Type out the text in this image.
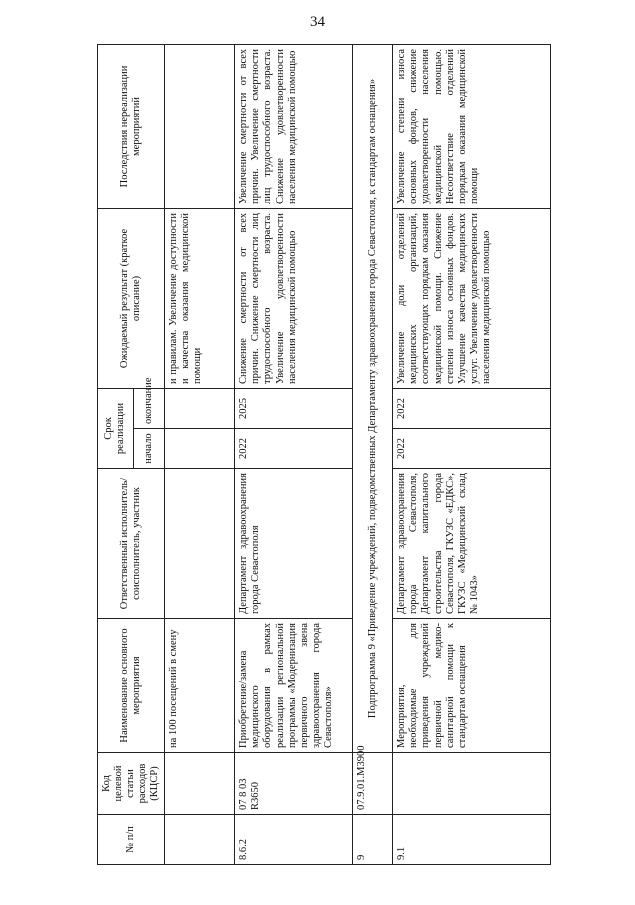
34
№ п/п	Код целевой статьи расходов (КЦСР)	Наименование основного мероприятия	Ответственный исполнитель/соисполнитель, участник	Срок реализации		Ожидаемый результат (краткое описание)	Последствия нереализации мероприятий
				начало	окончание		
		на 100 посещений в смену				и правилам. Увеличение доступности и качества оказания медицинской помощи	
8.6.2	07 8 03 R3650	Приобретение/замена медицинского оборудования в рамках реализации региональной программы «Модернизация первичного звена здравоохранения города Севастополя»	Департамент здравоохранения города Севастополя	2022	2025	Снижение смертности от всех причин. Снижение смертности лиц трудоспособного возраста. Увеличение удовлетворенности населения медицинской помощью	Увеличение смертности от всех причин. Увеличение смертности лиц трудоспособного возраста. Снижение удовлетворенности населения медицинской помощью
9	07.9.01.М3900	Подпрограмма 9 «Приведение учреждений, подведомственных Департаменту здравоохранения города Севастополя, к стандартам оснащения»					
9.1		Мероприятия, необходимые для приведения учреждений первичной медико-санитарной помощи к стандартам оснащения	Департамент здравоохранения города Севастополя, Департамент капитального строительства города Севастополя, ГКУЗС «ЕДКС», ГКУЗС «Медицинский склад № 1043»	2022	2022	Увеличение доли отделений медицинских организаций, соответствующих порядкам оказания медицинской помощи. Снижение степени износа основных фондов. Улучшение качества медицинских услуг. Увеличение удовлетворенности населения медицинской помощью	Увеличение степени износа основных фондов, снижение удовлетворенности населения медицинской помощью. Несоответствие отделений порядкам оказания медицинской помощи
